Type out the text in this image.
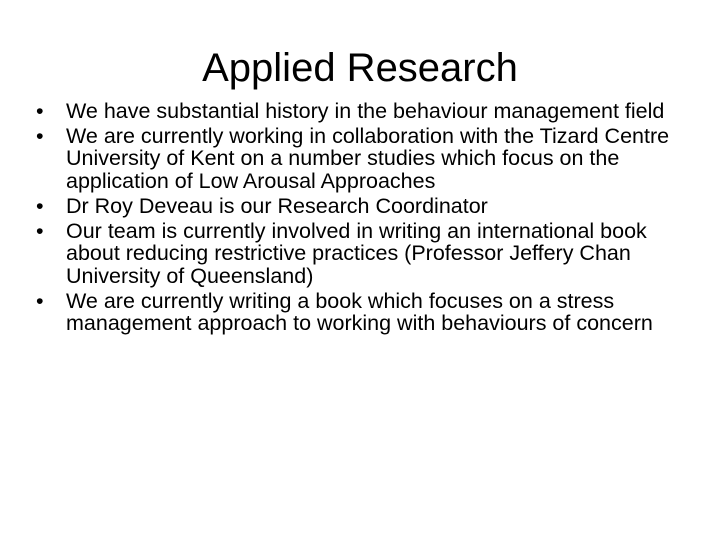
Applied Research
•	We have substantial history in the behaviour management field
•	We are currently working in collaboration with the Tizard Centre University of Kent on a number studies which focus on the application of Low Arousal Approaches
•	Dr Roy Deveau is our Research Coordinator
•	Our team is currently involved in writing an international book about reducing restrictive practices (Professor Jeffery Chan University of Queensland)
•	We are currently writing a book which focuses on a stress management approach to working with behaviours of concern
